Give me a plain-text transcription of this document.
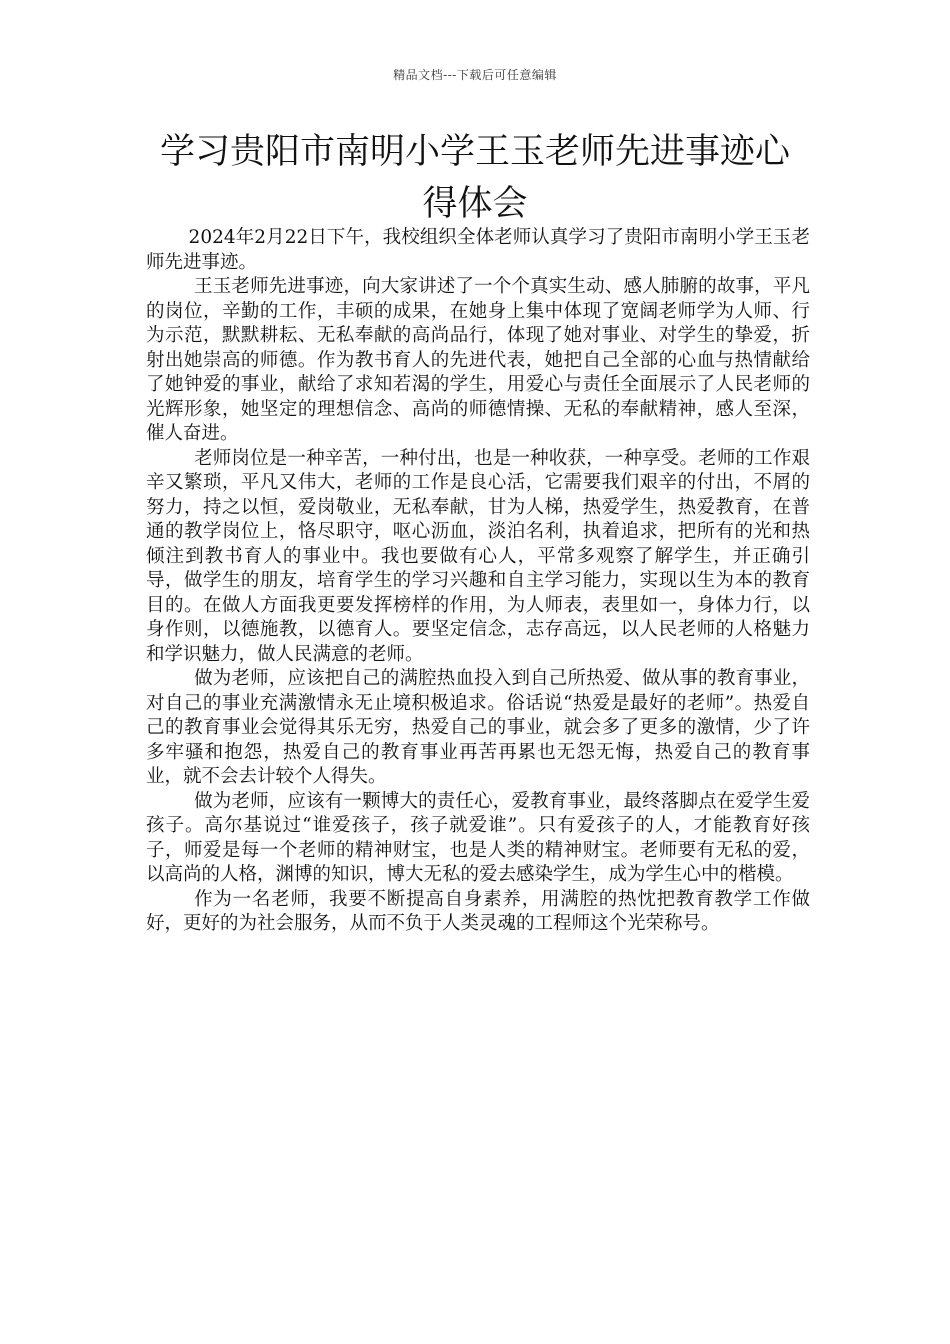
精品文档---下载后可任意编辑
学习贵阳市南明小学王玉老师先进事迹心得体会

2024年2月22日下午，我校组织全体老师认真学习了贵阳市南明小学王玉老师先进事迹。

王玉老师先进事迹，向大家讲述了一个个真实生动、感人肺腑的故事，平凡的岗位，辛勤的工作，丰硕的成果，在她身上集中体现了宽阔老师学为人师、行为示范，默默耕耘、无私奉献的高尚品行，体现了她对事业、对学生的挚爱，折射出她崇高的师德。作为教书育人的先进代表，她把自己全部的心血与热情献给了她钟爱的事业，献给了求知若渴的学生，用爱心与责任全面展示了人民老师的光辉形象，她坚定的理想信念、高尚的师德情操、无私的奉献精神，感人至深，催人奋进。

老师岗位是一种辛苦，一种付出，也是一种收获，一种享受。老师的工作艰辛又繁琐，平凡又伟大，老师的工作是良心活，它需要我们艰辛的付出，不屑的努力，持之以恒，爱岗敬业，无私奉献，甘为人梯，热爱学生，热爱教育，在普通的教学岗位上，恪尽职守，呕心沥血，淡泊名利，执着追求，把所有的光和热倾注到教书育人的事业中。我也要做有心人，平常多观察了解学生，并正确引导，做学生的朋友，培育学生的学习兴趣和自主学习能力，实现以生为本的教育目的。在做人方面我更要发挥榜样的作用，为人师表，表里如一，身体力行，以身作则，以德施教，以德育人。要坚定信念，志存高远，以人民老师的人格魅力和学识魅力，做人民满意的老师。

做为老师，应该把自己的满腔热血投入到自己所热爱、做从事的教育事业，对自己的事业充满激情永无止境积极追求。俗话说“热爱是最好的老师”。热爱自己的教育事业会觉得其乐无穷，热爱自己的事业，就会多了更多的激情，少了许多牢骚和抱怨，热爱自己的教育事业再苦再累也无怨无悔，热爱自己的教育事业，就不会去计较个人得失。

做为老师，应该有一颗博大的责任心，爱教育事业，最终落脚点在爱学生爱孩子。高尔基说过“谁爱孩子，孩子就爱谁”。只有爱孩子的人，才能教育好孩子，师爱是每一个老师的精神财宝，也是人类的精神财宝。老师要有无私的爱，以高尚的人格，渊博的知识，博大无私的爱去感染学生，成为学生心中的楷模。

作为一名老师，我要不断提高自身素养，用满腔的热忱把教育教学工作做好，更好的为社会服务，从而不负于人类灵魂的工程师这个光荣称号。
